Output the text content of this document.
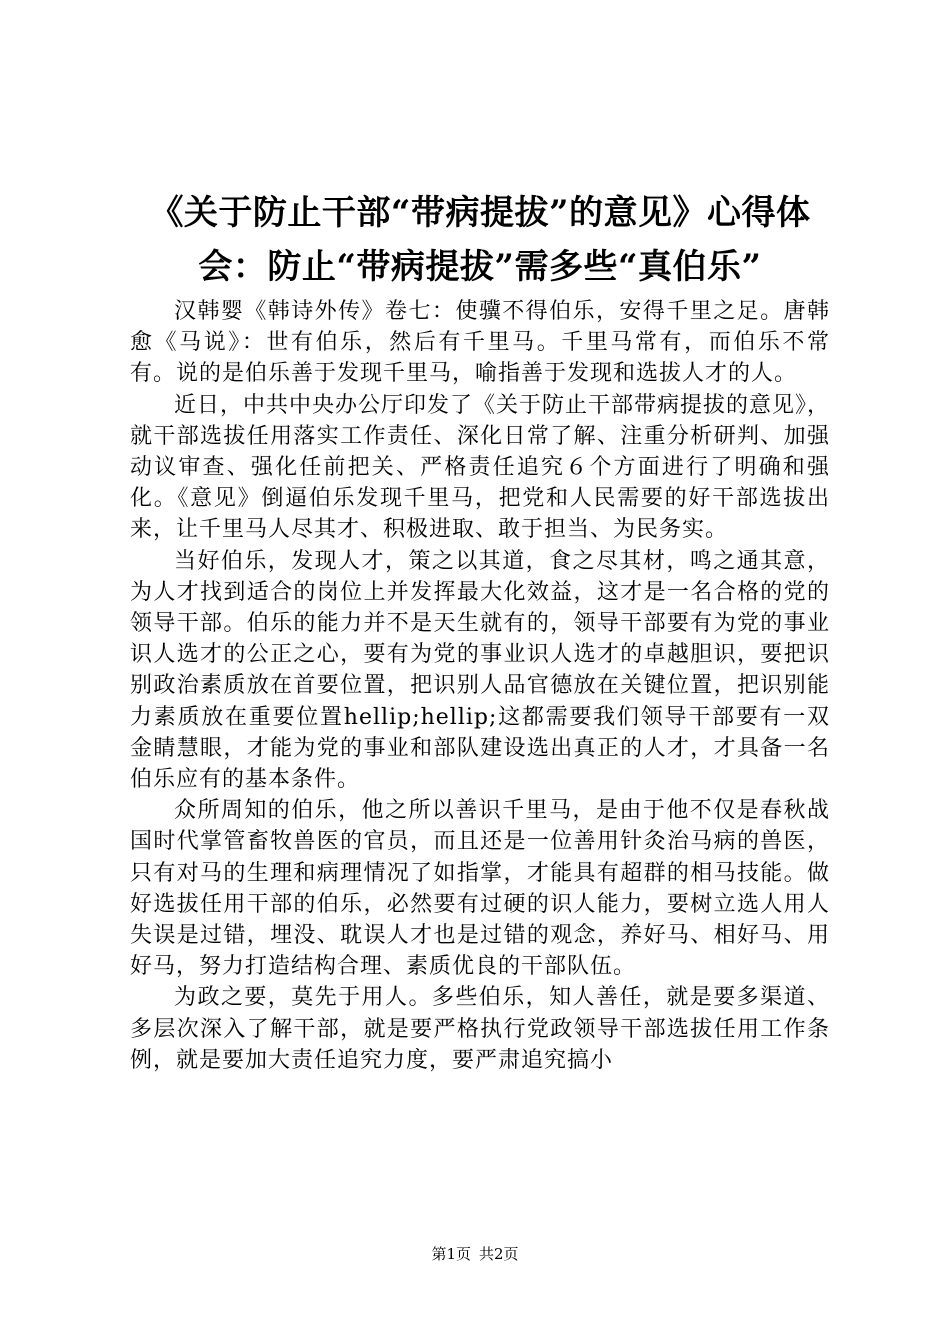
《关于防止干部“带病提拔”的意见》心得体会：防止“带病提拔”需多些“真伯乐”

汉韩婴《韩诗外传》卷七：使骥不得伯乐，安得千里之足。唐韩愈《马说》：世有伯乐，然后有千里马。千里马常有，而伯乐不常有。说的是伯乐善于发现千里马，喻指善于发现和选拔人才的人。

近日，中共中央办公厅印发了《关于防止干部带病提拔的意见》，就干部选拔任用落实工作责任、深化日常了解、注重分析研判、加强动议审查、强化任前把关、严格责任追究６个方面进行了明确和强化。《意见》倒逼伯乐发现千里马，把党和人民需要的好干部选拔出来，让千里马人尽其才、积极进取、敢于担当、为民务实。

当好伯乐，发现人才，策之以其道，食之尽其材，鸣之通其意，为人才找到适合的岗位上并发挥最大化效益，这才是一名合格的党的领导干部。伯乐的能力并不是天生就有的，领导干部要有为党的事业识人选才的公正之心，要有为党的事业识人选才的卓越胆识，要把识别政治素质放在首要位置，把识别人品官德放在关键位置，把识别能力素质放在重要位置hellip;hellip;这都需要我们领导干部要有一双金睛慧眼，才能为党的事业和部队建设选出真正的人才，才具备一名伯乐应有的基本条件。

众所周知的伯乐，他之所以善识千里马，是由于他不仅是春秋战国时代掌管畜牧兽医的官员，而且还是一位善用针灸治马病的兽医，只有对马的生理和病理情况了如指掌，才能具有超群的相马技能。做好选拔任用干部的伯乐，必然要有过硬的识人能力，要树立选人用人失误是过错，埋没、耽误人才也是过错的观念，养好马、相好马、用好马，努力打造结构合理、素质优良的干部队伍。

为政之要，莫先于用人。多些伯乐，知人善任，就是要多渠道、多层次深入了解干部，就是要严格执行党政领导干部选拔任用工作条例，就是要加大责任追究力度，要严肃追究搞小

第1页 共2页
